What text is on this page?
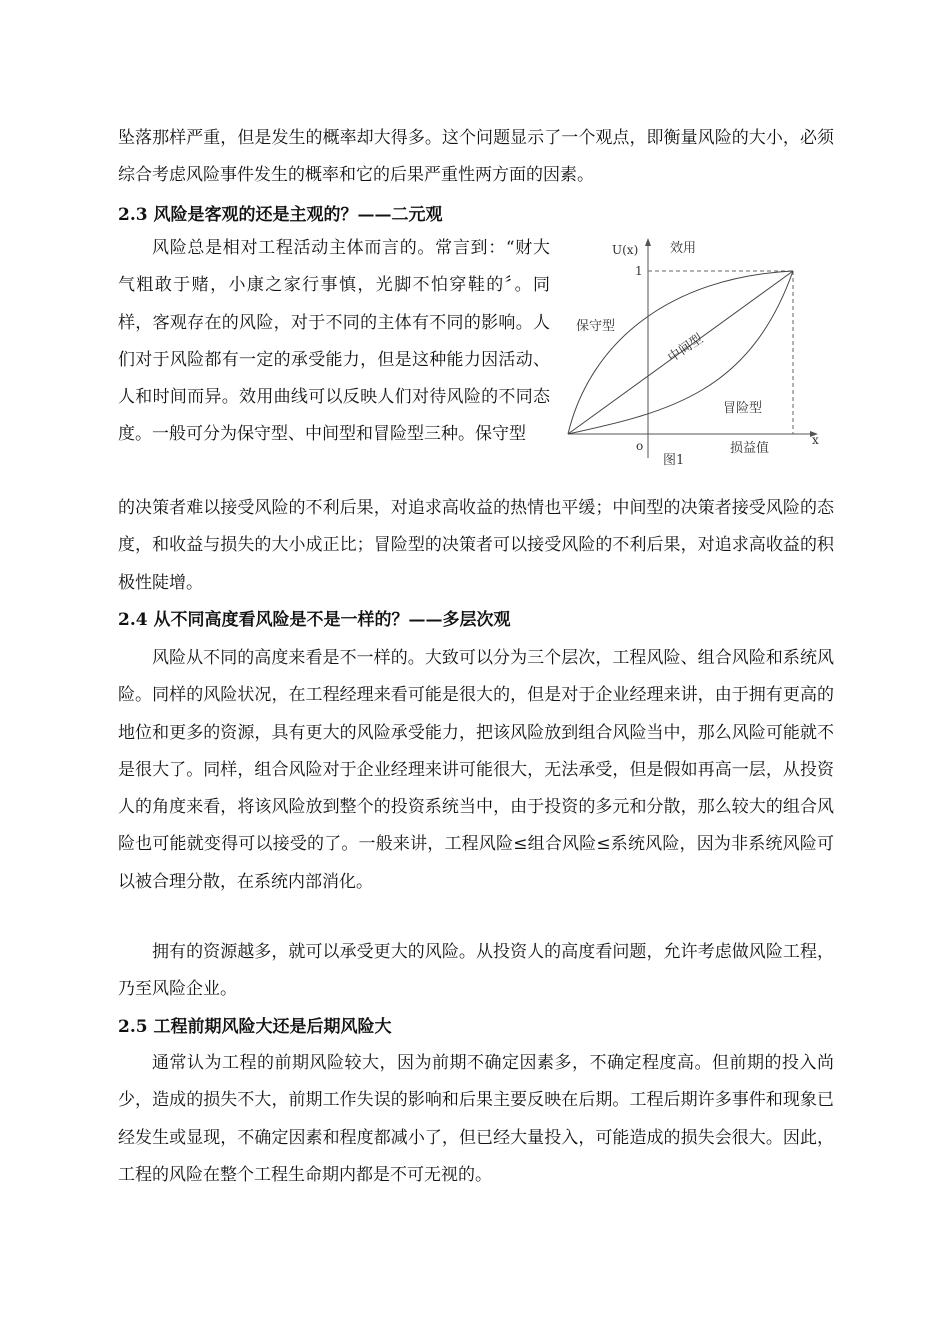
坠落那样严重，但是发生的概率却大得多。这个问题显示了一个观点，即衡量风险的大小，必须综合考虑风险事件发生的概率和它的后果严重性两方面的因素。

2.3 风险是客观的还是主观的？——二元观

风险总是相对工程活动主体而言的。常言到：“财大气粗敢于赌，小康之家行事慎，光脚不怕穿鞋的〞。同样，客观存在的风险，对于不同的主体有不同的影响。人们对于风险都有一定的承受能力，但是这种能力因活动、人和时间而异。效用曲线可以反映人们对待风险的不同态度。一般可分为保守型、中间型和冒险型三种。保守型

U(x) 效用
1
o	x
损益值
保守型
中间型
冒险型
图1

的决策者难以接受风险的不利后果，对追求高收益的热情也平缓；中间型的决策者接受风险的态度，和收益与损失的大小成正比；冒险型的决策者可以接受风险的不利后果，对追求高收益的积极性陡增。

2.4 从不同高度看风险是不是一样的？——多层次观

风险从不同的高度来看是不一样的。大致可以分为三个层次，工程风险、组合风险和系统风险。同样的风险状况，在工程经理来看可能是很大的，但是对于企业经理来讲，由于拥有更高的地位和更多的资源，具有更大的风险承受能力，把该风险放到组合风险当中，那么风险可能就不是很大了。同样，组合风险对于企业经理来讲可能很大，无法承受，但是假如再高一层，从投资人的角度来看，将该风险放到整个的投资系统当中，由于投资的多元和分散，那么较大的组合风险也可能就变得可以接受的了。一般来讲，工程风险≤组合风险≤系统风险，因为非系统风险可以被合理分散，在系统内部消化。

拥有的资源越多，就可以承受更大的风险。从投资人的高度看问题，允许考虑做风险工程，乃至风险企业。

2.5 工程前期风险大还是后期风险大

通常认为工程的前期风险较大，因为前期不确定因素多，不确定程度高。但前期的投入尚少，造成的损失不大，前期工作失误的影响和后果主要反映在后期。工程后期许多事件和现象已经发生或显现，不确定因素和程度都减小了，但已经大量投入，可能造成的损失会很大。因此，工程的风险在整个工程生命期内都是不可无视的。
